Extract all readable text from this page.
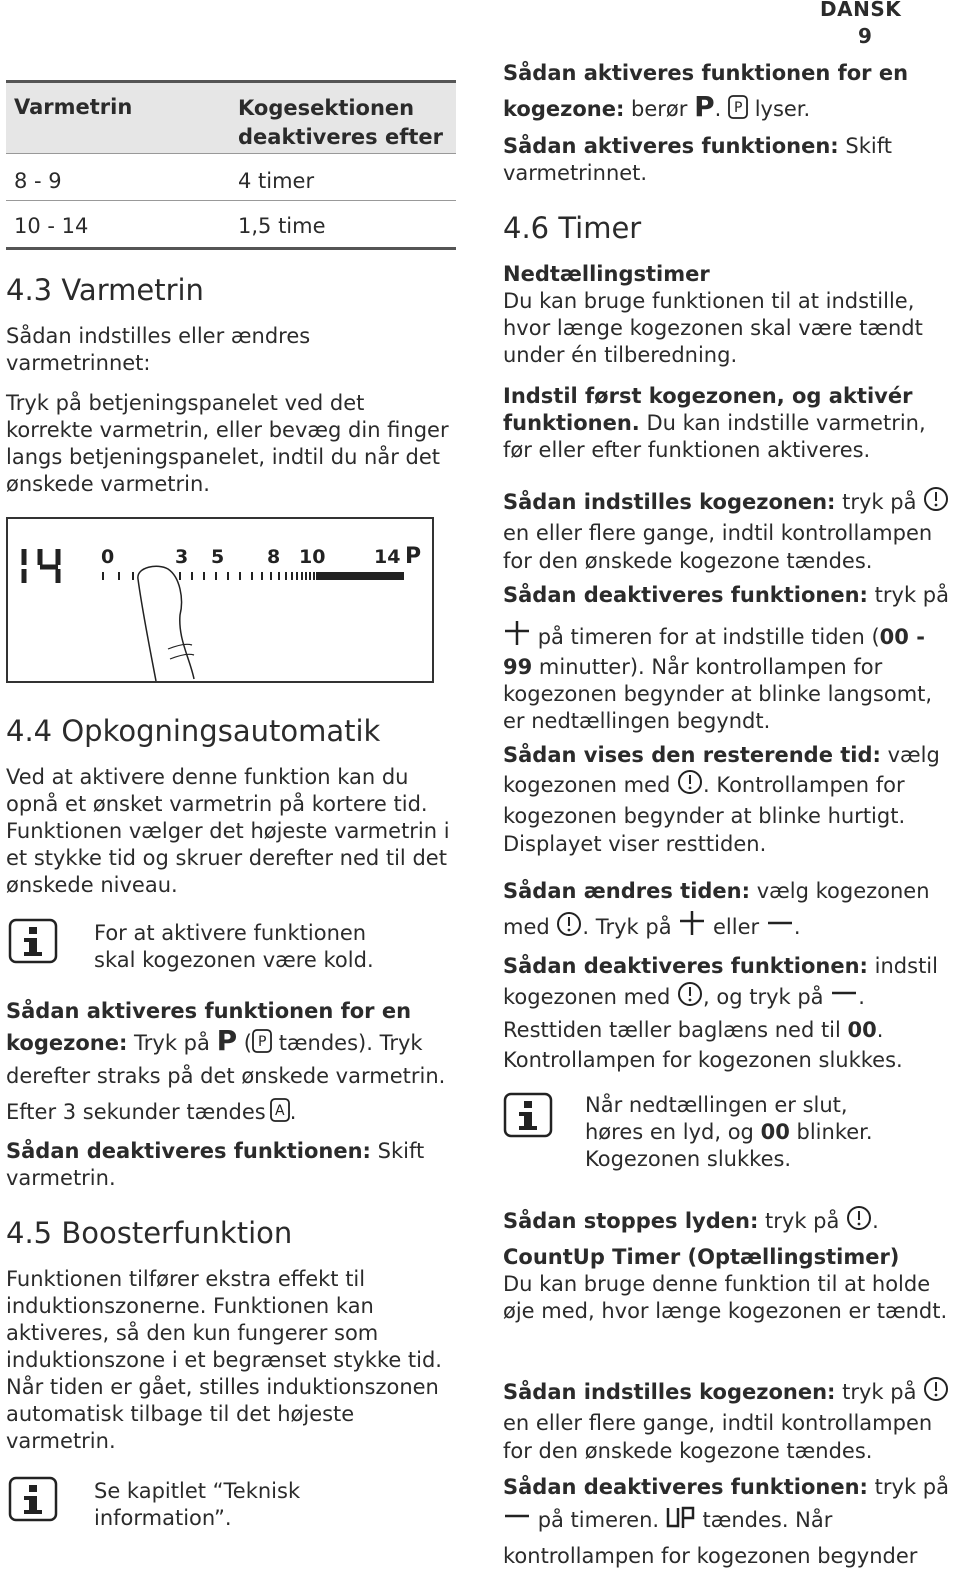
DANSK 9
Varmetrin	Kogesektionen deaktiveres efter
8 - 9	4 timer
10 - 14	1,5 time
4.3 Varmetrin

Sådan indstilles eller ændres varmetrinnet:

Tryk på betjeningspanelet ved det korrekte varmetrin, eller bevæg din finger langs betjeningspanelet, indtil du når det ønskede varmetrin.

0	3 5 8 10	14 P
4.4 Opkogningsautomatik

Ved at aktivere denne funktion kan du opnå et ønsket varmetrin på kortere tid. Funktionen vælger det højeste varmetrin i et stykke tid og skruer derefter ned til det ønskede niveau.

For at aktivere funktionen skal kogezonen være kold.

Sådan aktiveres funktionen for en kogezone: Tryk på P ( P tændes). Tryk derefter straks på det ønskede varmetrin.

Efter 3 sekunder tændes A .

Sådan deaktiveres funktionen: Skift varmetrin.

4.5 Boosterfunktion

Funktionen tilfører ekstra effekt til induktionszonerne. Funktionen kan aktiveres, så den kun fungerer som induktionszone i et begrænset stykke tid. Når tiden er gået, stilles induktionszonen automatisk tilbage til det højeste varmetrin.

Se kapitlet “Teknisk information”.

Sådan aktiveres funktionen for en kogezone: berør P. P lyser.

Sådan aktiveres funktionen: Skift varmetrinnet.

4.6 Timer
Nedtællingstimer

Du kan bruge funktionen til at indstille, hvor længe kogezonen skal være tændt under én tilberedning.

Indstil først kogezonen, og aktivér funktionen. Du kan indstille varmetrin, før eller efter funktionen aktiveres.

Sådan indstilles kogezonen: tryk på  en eller flere gange, indtil kontrollampen for den ønskede kogezone tændes.

Sådan deaktiveres funktionen: tryk på
på timeren for at indstille tiden (00 - 99 minutter). Når kontrollampen for kogezonen begynder at blinke langsomt, er nedtællingen begyndt.

Sådan vises den resterende tid: vælg kogezonen med . Kontrollampen for kogezonen begynder at blinke hurtigt. Displayet viser resttiden.

Sådan ændres tiden: vælg kogezonen med . Tryk på eller .

Sådan deaktiveres funktionen: indstil kogezonen med , og tryk på . Resttiden tæller baglæns ned til 00. Kontrollampen for kogezonen slukkes.

Når nedtællingen er slut, høres en lyd, og 00 blinker. Kogezonen slukkes.

Sådan stoppes lyden: tryk på .

CountUp Timer (Optællingstimer)

Du kan bruge denne funktion til at holde øje med, hvor længe kogezonen er tændt.

Sådan indstilles kogezonen: tryk på  en eller flere gange, indtil kontrollampen for den ønskede kogezone tændes.

Sådan deaktiveres funktionen: tryk på
på timeren. tændes. Når kontrollampen for kogezonen begynder
